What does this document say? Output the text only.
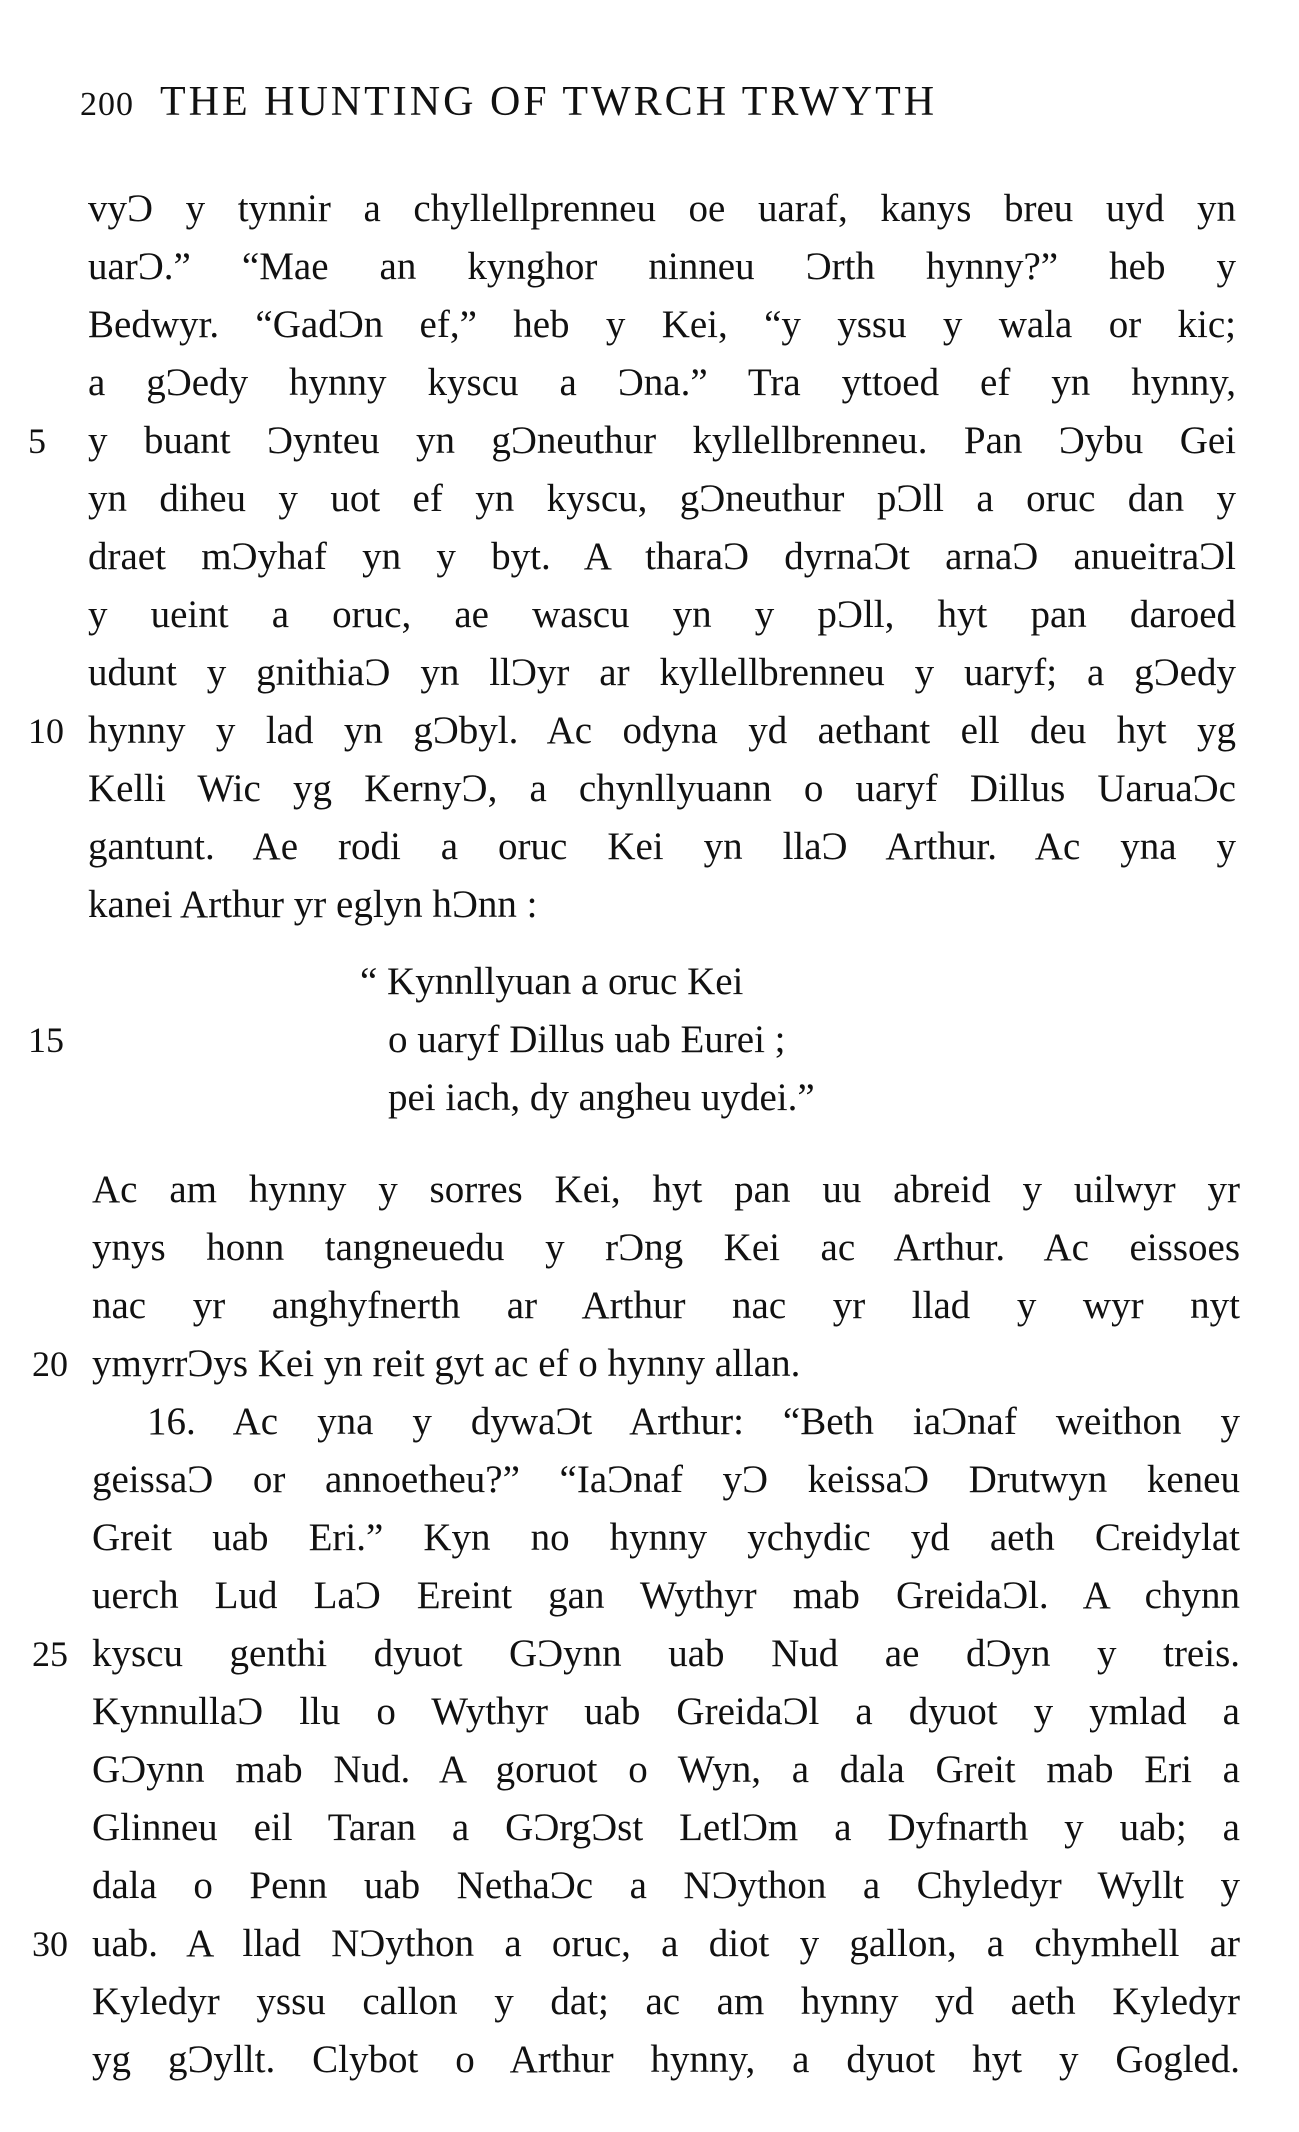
200 THE HUNTING OF TWRCH TRWYTH
vyƆ y tynnir a chyllellprenneu oe uaraf, kanys breu uyd yn
uarƆ.” “Mae an kynghor ninneu Ɔrth hynny?” heb y
Bedwyr. “GadƆn ef,” heb y Kei, “y yssu y wala or kic;
a gƆedy hynny kyscu a Ɔna.” Tra yttoed ef yn hynny,
5	y buant Ɔynteu yn gƆneuthur kyllellbrenneu. Pan Ɔybu Gei
yn diheu y uot ef yn kyscu, gƆneuthur pƆll a oruc dan y
draet mƆyhaf yn y byt. A tharaƆ dyrnaƆt arnaƆ anueitraƆl
y ueint a oruc, ae wascu yn y pƆll, hyt pan daroed
udunt y gnithiaƆ yn llƆyr ar kyllellbrenneu y uaryf; a gƆedy
10 hynny y lad yn gƆbyl. Ac odyna yd aethant ell deu hyt yg
Kelli Wic yg KernyƆ, a chynllyuann o uaryf Dillus UaruaƆc
gantunt. Ae rodi a oruc Kei yn llaƆ Arthur. Ac yna y
kanei Arthur yr eglyn hƆnn :
“ Kynnllyuan a oruc Kei
15	o uaryf Dillus uab Eurei ;
pei iach, dy angheu uydei.”
Ac am hynny y sorres Kei, hyt pan uu abreid y uilwyr yr
ynys honn tangneuedu y rƆng Kei ac Arthur. Ac eissoes
nac yr anghyfnerth ar Arthur nac yr llad y wyr nyt
20 ymyrrƆys Kei yn reit gyt ac ef o hynny allan.
16. Ac yna y dywaƆt Arthur: “Beth iaƆnaf weithon y
geissaƆ or annoetheu?” “IaƆnaf yƆ keissaƆ Drutwyn keneu
Greit uab Eri.” Kyn no hynny ychydic yd aeth Creidylat
uerch Lud LaƆ Ereint gan Wythyr mab GreidaƆl. A chynn
25 kyscu genthi dyuot GƆynn uab Nud ae dƆyn y treis.
KynnullaƆ llu o Wythyr uab GreidaƆl a dyuot y ymlad a
GƆynn mab Nud. A goruot o Wyn, a dala Greit mab Eri a
Glinneu eil Taran a GƆrgƆst LetlƆm a Dyfnarth y uab; a
dala o Penn uab NethaƆc a NƆython a Chyledyr Wyllt y
30 uab. A llad NƆython a oruc, a diot y gallon, a chymhell ar
Kyledyr yssu callon y dat; ac am hynny yd aeth Kyledyr
yg gƆyllt. Clybot o Arthur hynny, a dyuot hyt y Gogled.
